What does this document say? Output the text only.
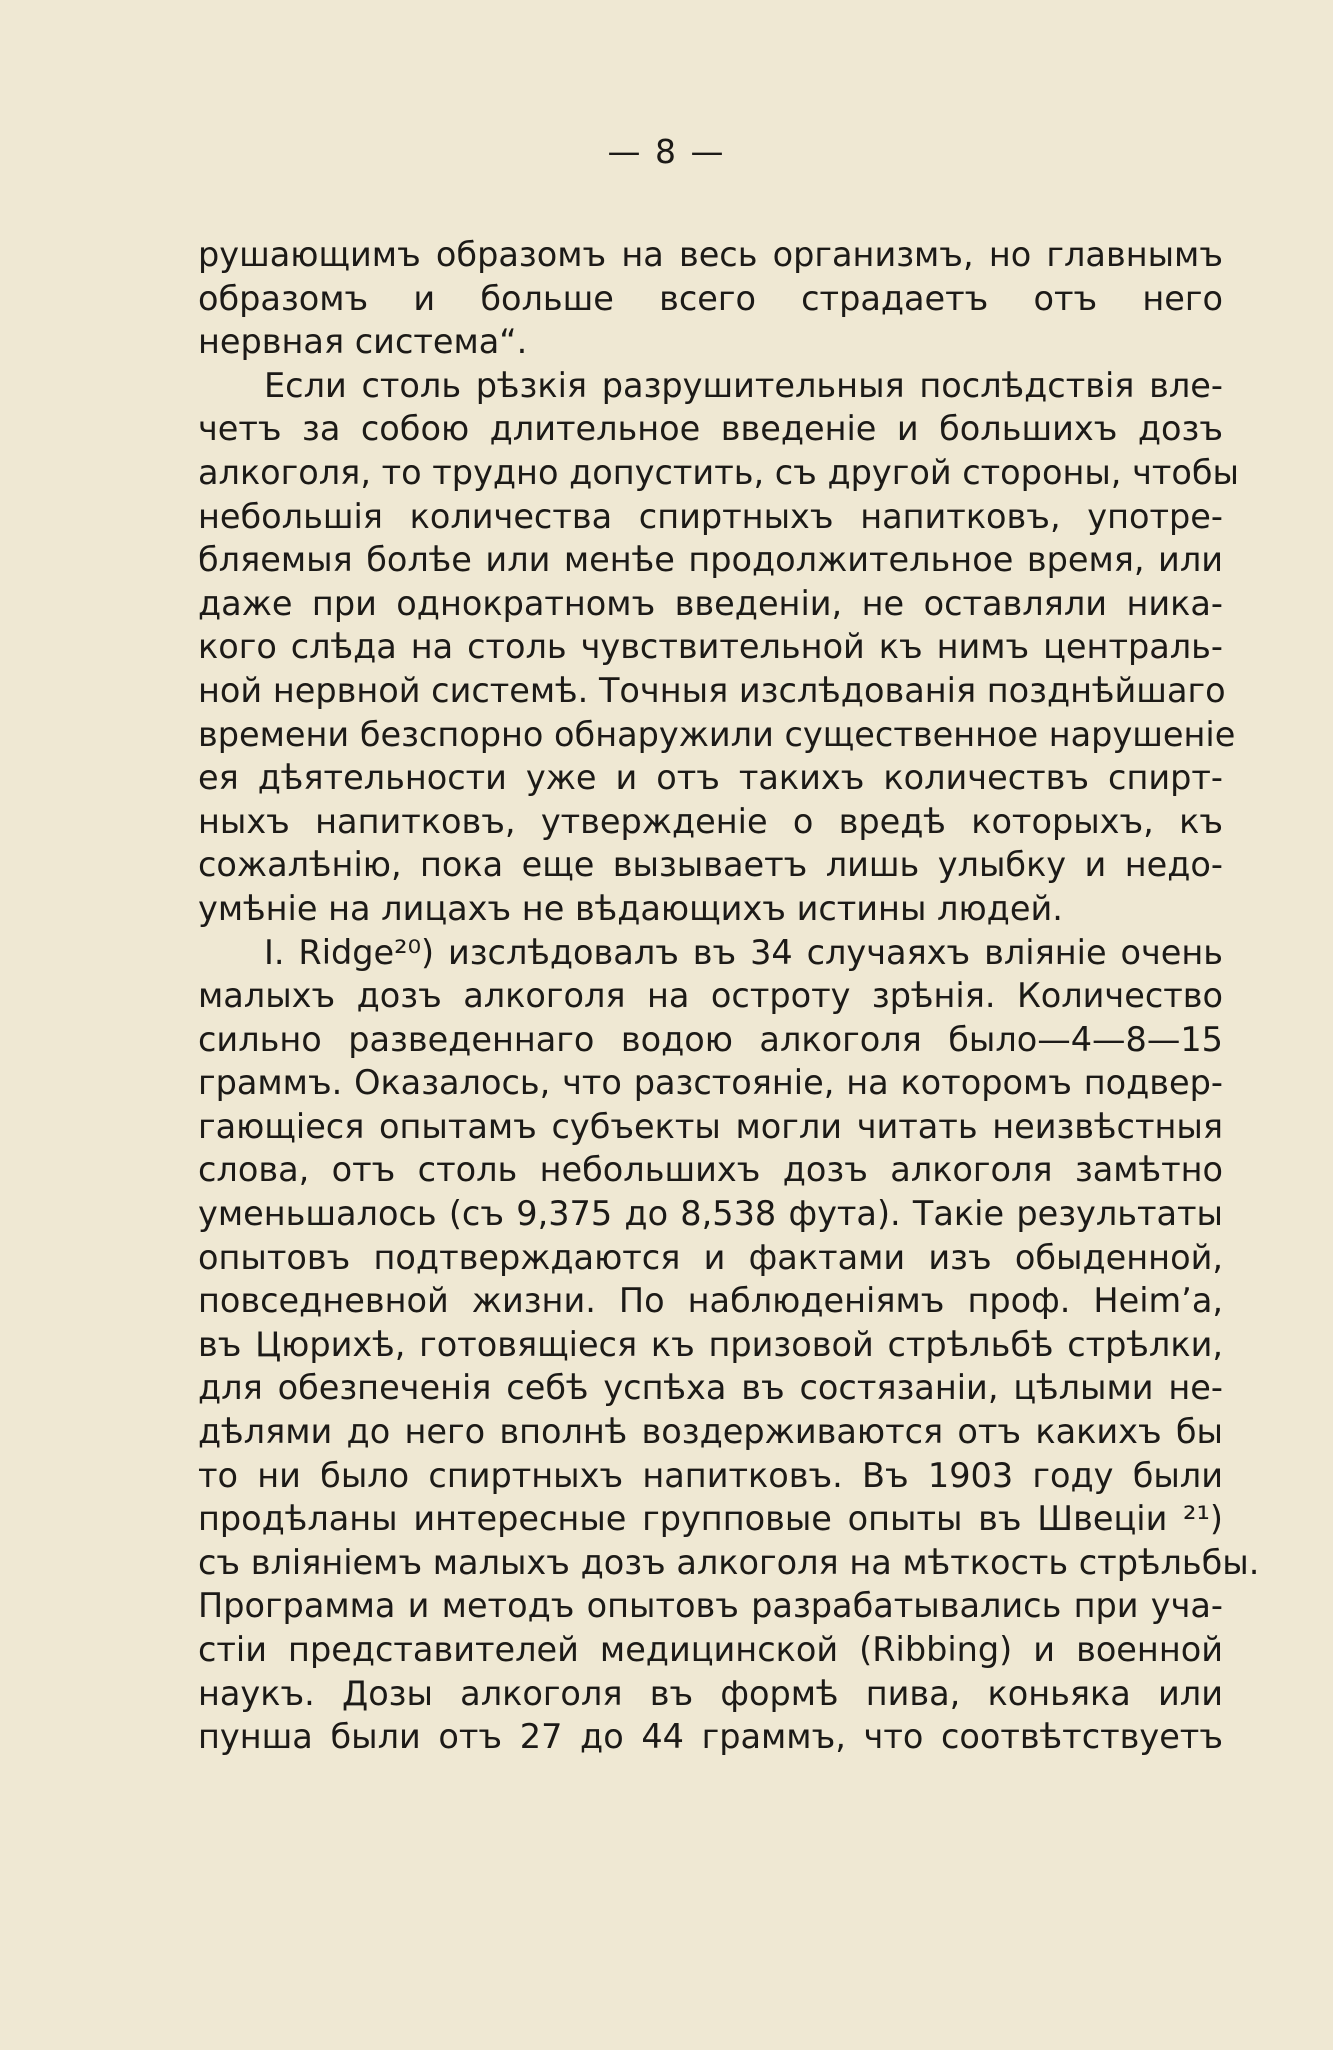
— 8 —
рушающимъ образомъ на весь организмъ, но главнымъ
образомъ и больше всего страдаетъ отъ него
нервная система“.
Если столь рѣзкія разрушительныя послѣдствія вле-
четъ за собою длительное введеніе и большихъ дозъ
алкоголя, то трудно допустить, съ другой стороны, чтобы
небольшія количества спиртныхъ напитковъ, употре-
бляемыя болѣе или менѣе продолжительное время, или
даже при однократномъ введеніи, не оставляли ника-
кого слѣда на столь чувствительной къ нимъ централь-
ной нервной системѣ. Точныя изслѣдованія позднѣйшаго
времени безспорно обнаружили существенное нарушеніе
ея дѣятельности уже и отъ такихъ количествъ спирт-
ныхъ напитковъ, утвержденіе о вредѣ которыхъ, къ
сожалѣнію, пока еще вызываетъ лишь улыбку и недо-
умѣніе на лицахъ не вѣдающихъ истины людей.
I. Ridge²⁰) изслѣдовалъ въ 34 случаяхъ вліяніе очень
малыхъ дозъ алкоголя на остроту зрѣнія. Количество
сильно разведеннаго водою алкоголя было—4—8—15
граммъ. Оказалось, что разстояніе, на которомъ подвер-
гающіеся опытамъ субъекты могли читать неизвѣстныя
слова, отъ столь небольшихъ дозъ алкоголя замѣтно
уменьшалось (съ 9,375 до 8,538 фута). Такіе результаты
опытовъ подтверждаются и фактами изъ обыденной,
повседневной жизни. По наблюденіямъ проф. Heim’a,
въ Цюрихѣ, готовящіеся къ призовой стрѣльбѣ стрѣлки,
для обезпеченія себѣ успѣха въ состязаніи, цѣлыми не-
дѣлями до него вполнѣ воздерживаются отъ какихъ бы
то ни было спиртныхъ напитковъ. Въ 1903 году были
продѣланы интересные групповые опыты въ Швеціи ²¹)
съ вліяніемъ малыхъ дозъ алкоголя на мѣткость стрѣльбы.
Программа и методъ опытовъ разрабатывались при уча-
стіи представителей медицинской (Ribbing) и военной
наукъ. Дозы алкоголя въ формѣ пива, коньяка или
пунша были отъ 27 до 44 граммъ, что соотвѣтствуетъ
